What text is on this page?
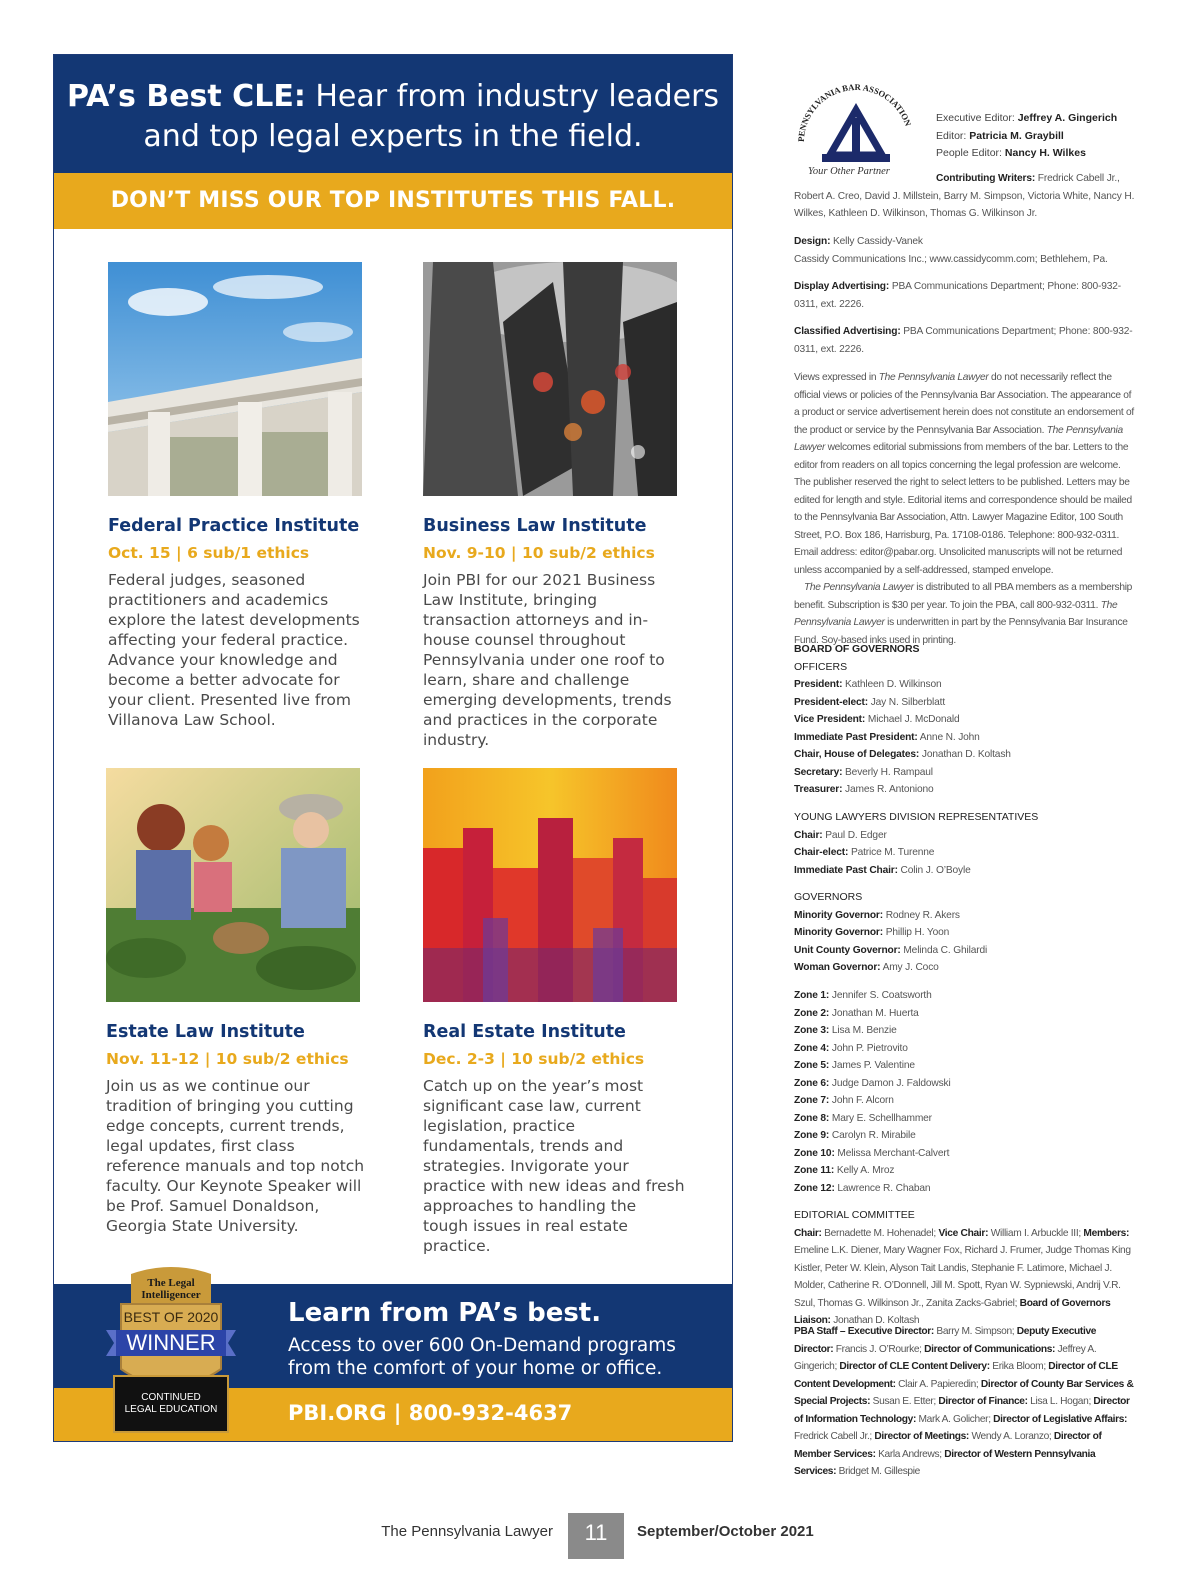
PA’s Best CLE: Hear from industry leaders
and top legal experts in the field.
DON’T MISS OUR TOP INSTITUTES THIS FALL.
Federal Practice Institute
Oct. 15 | 6 sub/1 ethics

Federal judges, seasoned practitioners and academics explore the latest developments affecting your federal practice. Advance your knowledge and become a better advocate for your client. Presented live from Villanova Law School.

Business Law Institute
Nov. 9-10 | 10 sub/2 ethics

Join PBI for our 2021 Business Law Institute, bringing transaction attorneys and in-house counsel throughout Pennsylvania under one roof to learn, share and challenge emerging developments, trends and practices in the corporate industry.

Estate Law Institute
Nov. 11-12 | 10 sub/2 ethics

Join us as we continue our tradition of bringing you cutting edge concepts, current trends, legal updates, first class reference manuals and top notch faculty. Our Keynote Speaker will be Prof. Samuel Donaldson, Georgia State University.

Real Estate Institute
Dec. 2-3 | 10 sub/2 ethics

Catch up on the year’s most significant case law, current legislation, practice fundamentals, trends and strategies. Invigorate your practice with new ideas and fresh approaches to handling the tough issues in real estate practice.

Learn from PA’s best.
Access to over 600 On-Demand programs from the comfort of your home or office.
PBI.ORG | 800-932-4637
The Legal
Intelligencer
BEST OF 2020
WINNER
CONTINUED
LEGAL EDUCATION
PENNSYLVANIA BAR ASSOCIATION
Your Other Partner
Executive Editor: Jeffrey A. Gingerich
Editor: Patricia M. Graybill
People Editor: Nancy H. Wilkes
Contributing Writers: Fredrick Cabell Jr., Robert A. Creo, David J. Millstein, Barry M. Simpson, Victoria White, Nancy H. Wilkes, Kathleen D. Wilkinson, Thomas G. Wilkinson Jr.
Design: Kelly Cassidy-Vanek
Cassidy Communications Inc.; www.cassidycomm.com; Bethlehem, Pa.
Display Advertising: PBA Communications Department; Phone: 800-932-0311, ext. 2226.
Classified Advertising: PBA Communications Department; Phone: 800-932-0311, ext. 2226.
Views expressed in The Pennsylvania Lawyer do not necessarily reflect the official views or policies of the Pennsylvania Bar Association. The appearance of a product or service advertisement herein does not constitute an endorsement of the product or service by the Pennsylvania Bar Association. The Pennsylvania Lawyer welcomes editorial submissions from members of the bar. Letters to the editor from readers on all topics concerning the legal profession are welcome. The publisher reserved the right to select letters to be published. Letters may be edited for length and style. Editorial items and correspondence should be mailed to the Pennsylvania Bar Association, Attn. Lawyer Magazine Editor, 100 South Street, P.O. Box 186, Harrisburg, Pa. 17108-0186. Telephone: 800-932-0311. Email address: editor@pabar.org. Unsolicited manuscripts will not be returned unless accompanied by a self-addressed, stamped envelope.
The Pennsylvania Lawyer is distributed to all PBA members as a membership benefit. Subscription is $30 per year. To join the PBA, call 800-932-0311. The Pennsylvania Lawyer is underwritten in part by the Pennsylvania Bar Insurance Fund. Soy-based inks used in printing.
BOARD OF GOVERNORS
OFFICERS
President: Kathleen D. Wilkinson
President-elect: Jay N. Silberblatt
Vice President: Michael J. McDonald
Immediate Past President: Anne N. John
Chair, House of Delegates: Jonathan D. Koltash
Secretary: Beverly H. Rampaul
Treasurer: James R. Antoniono
YOUNG LAWYERS DIVISION REPRESENTATIVES
Chair: Paul D. Edger
Chair-elect: Patrice M. Turenne
Immediate Past Chair: Colin J. O’Boyle
GOVERNORS
Minority Governor: Rodney R. Akers
Minority Governor: Phillip H. Yoon
Unit County Governor: Melinda C. Ghilardi
Woman Governor: Amy J. Coco
Zone 1: Jennifer S. Coatsworth
Zone 2: Jonathan M. Huerta
Zone 3: Lisa M. Benzie
Zone 4: John P. Pietrovito
Zone 5: James P. Valentine
Zone 6: Judge Damon J. Faldowski
Zone 7: John F. Alcorn
Zone 8: Mary E. Schellhammer
Zone 9: Carolyn R. Mirabile
Zone 10: Melissa Merchant-Calvert
Zone 11: Kelly A. Mroz
Zone 12: Lawrence R. Chaban
EDITORIAL COMMITTEE
Chair: Bernadette M. Hohenadel; Vice Chair: William I. Arbuckle III; Members: Emeline L.K. Diener, Mary Wagner Fox, Richard J. Frumer, Judge Thomas King Kistler, Peter W. Klein, Alyson Tait Landis, Stephanie F. Latimore, Michael J. Molder, Catherine R. O’Donnell, Jill M. Spott, Ryan W. Sypniewski, Andrij V.R. Szul, Thomas G. Wilkinson Jr., Zanita Zacks-Gabriel; Board of Governors Liaison: Jonathan D. Koltash
PBA Staff – Executive Director: Barry M. Simpson; Deputy Executive Director: Francis J. O’Rourke; Director of Communications: Jeffrey A. Gingerich; Director of CLE Content Delivery: Erika Bloom; Director of CLE Content Development: Clair A. Papieredin; Director of County Bar Services & Special Projects: Susan E. Etter; Director of Finance: Lisa L. Hogan; Director of Information Technology: Mark A. Golicher; Director of Legislative Affairs: Fredrick Cabell Jr.; Director of Meetings: Wendy A. Loranzo; Director of Member Services: Karla Andrews; Director of Western Pennsylvania Services: Bridget M. Gillespie
The Pennsylvania Lawyer	11	September/October 2021
